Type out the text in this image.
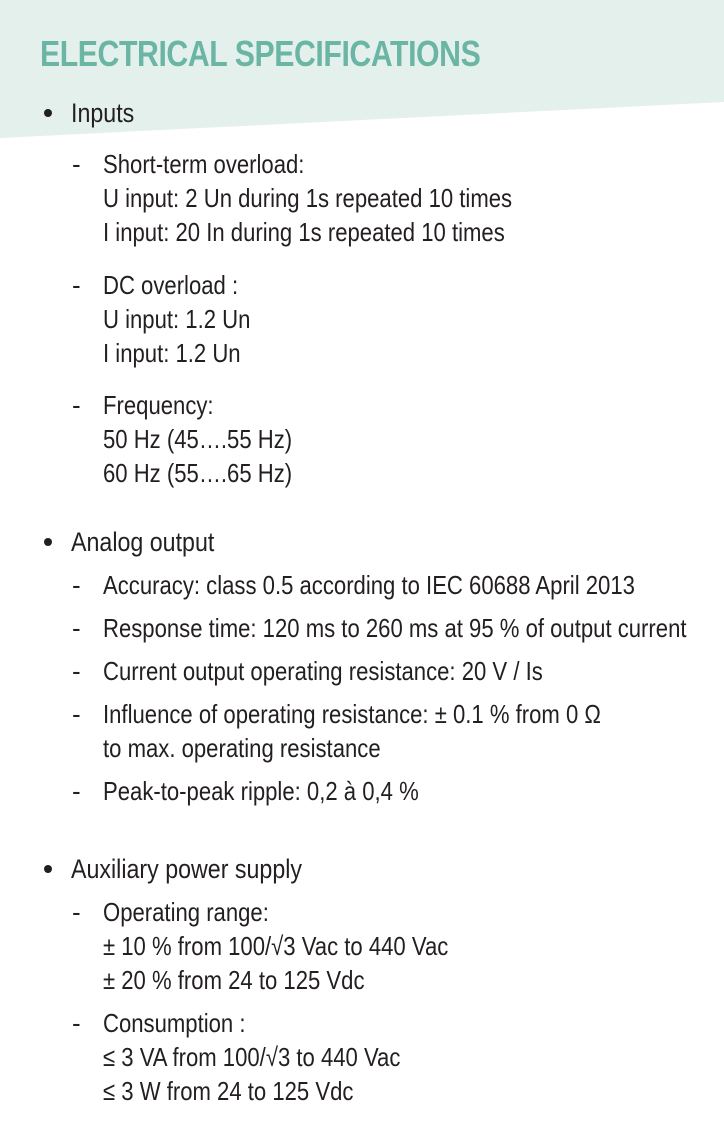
ELECTRICAL SPECIFICATIONS
Inputs
- Short-term overload:
U input: 2 Un during 1s repeated 10 times
I input: 20 In during 1s repeated 10 times
- DC overload :
U input: 1.2 Un
I input: 1.2 Un
- Frequency:
50 Hz (45….55 Hz)
60 Hz (55….65 Hz)
Analog output
- Accuracy: class 0.5 according to IEC 60688 April 2013
- Response time: 120 ms to 260 ms at 95 % of output current
- Current output operating resistance: 20 V / Is
- Influence of operating resistance: ± 0.1 % from 0 Ω
to max. operating resistance
- Peak-to-peak ripple: 0,2 à 0,4 %
Auxiliary power supply
- Operating range:
± 10 % from 100/√3 Vac to 440 Vac
± 20 % from 24 to 125 Vdc
- Consumption :
≤ 3 VA from 100/√3 to 440 Vac
≤ 3 W from 24 to 125 Vdc
